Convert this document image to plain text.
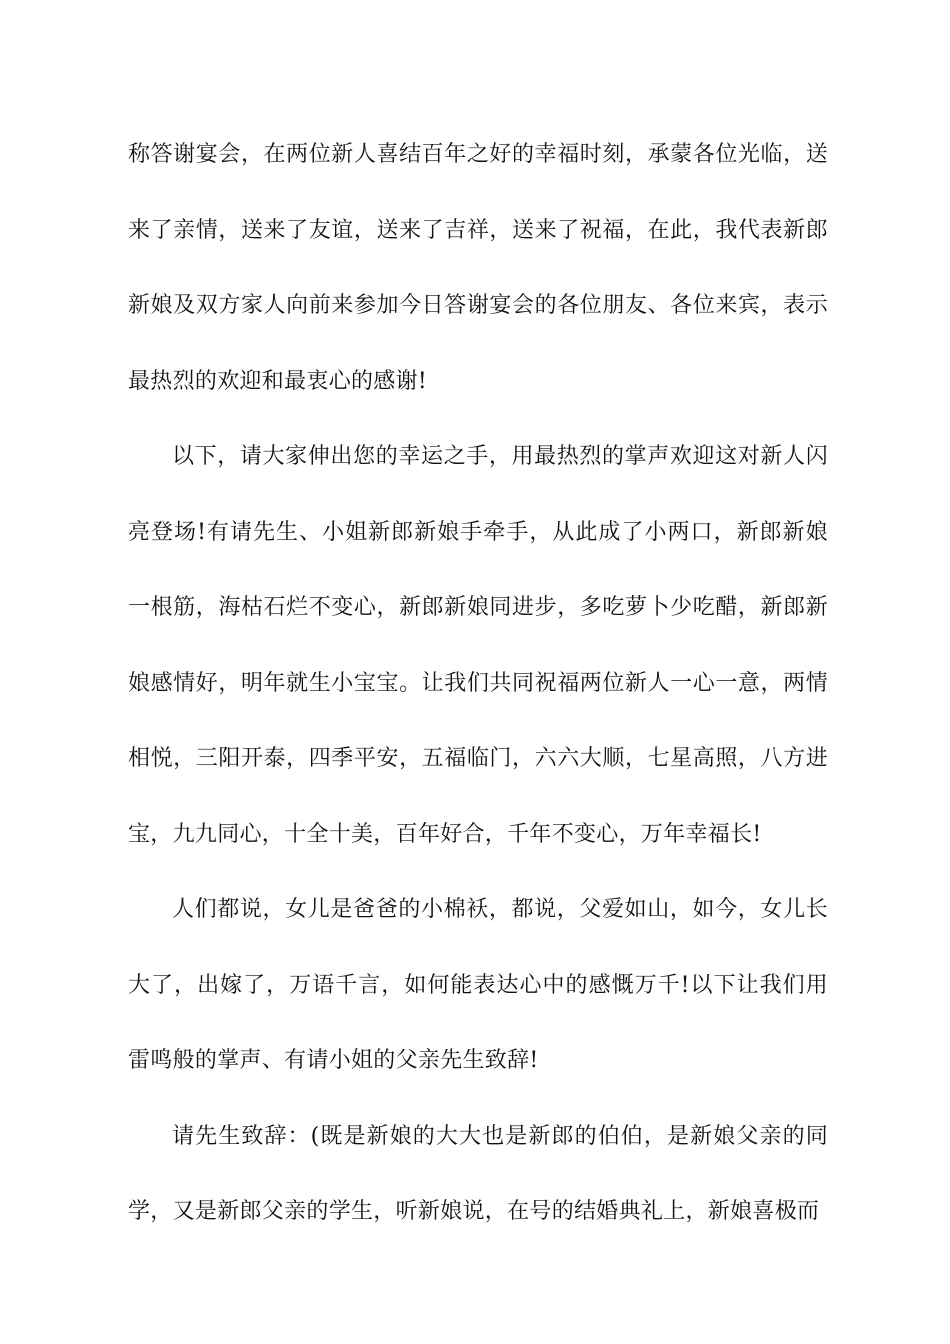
称答谢宴会，在两位新人喜结百年之好的幸福时刻，承蒙各位光临，送来了亲情，送来了友谊，送来了吉祥，送来了祝福，在此，我代表新郎新娘及双方家人向前来参加今日答谢宴会的各位朋友、各位来宾，表示最热烈的欢迎和最衷心的感谢!

以下，请大家伸出您的幸运之手，用最热烈的掌声欢迎这对新人闪亮登场!有请先生、小姐新郎新娘手牵手，从此成了小两口，新郎新娘一根筋，海枯石烂不变心，新郎新娘同进步，多吃萝卜少吃醋，新郎新娘感情好，明年就生小宝宝。让我们共同祝福两位新人一心一意，两情相悦，三阳开泰，四季平安，五福临门，六六大顺，七星高照，八方进宝，九九同心，十全十美，百年好合，千年不变心，万年幸福长!

人们都说，女儿是爸爸的小棉袄，都说，父爱如山，如今，女儿长大了，出嫁了，万语千言，如何能表达心中的感慨万千!以下让我们用雷鸣般的掌声、有请小姐的父亲先生致辞!

请先生致辞：(既是新娘的大大也是新郎的伯伯，是新娘父亲的同学，又是新郎父亲的学生，听新娘说，在号的结婚典礼上，新娘喜极而
